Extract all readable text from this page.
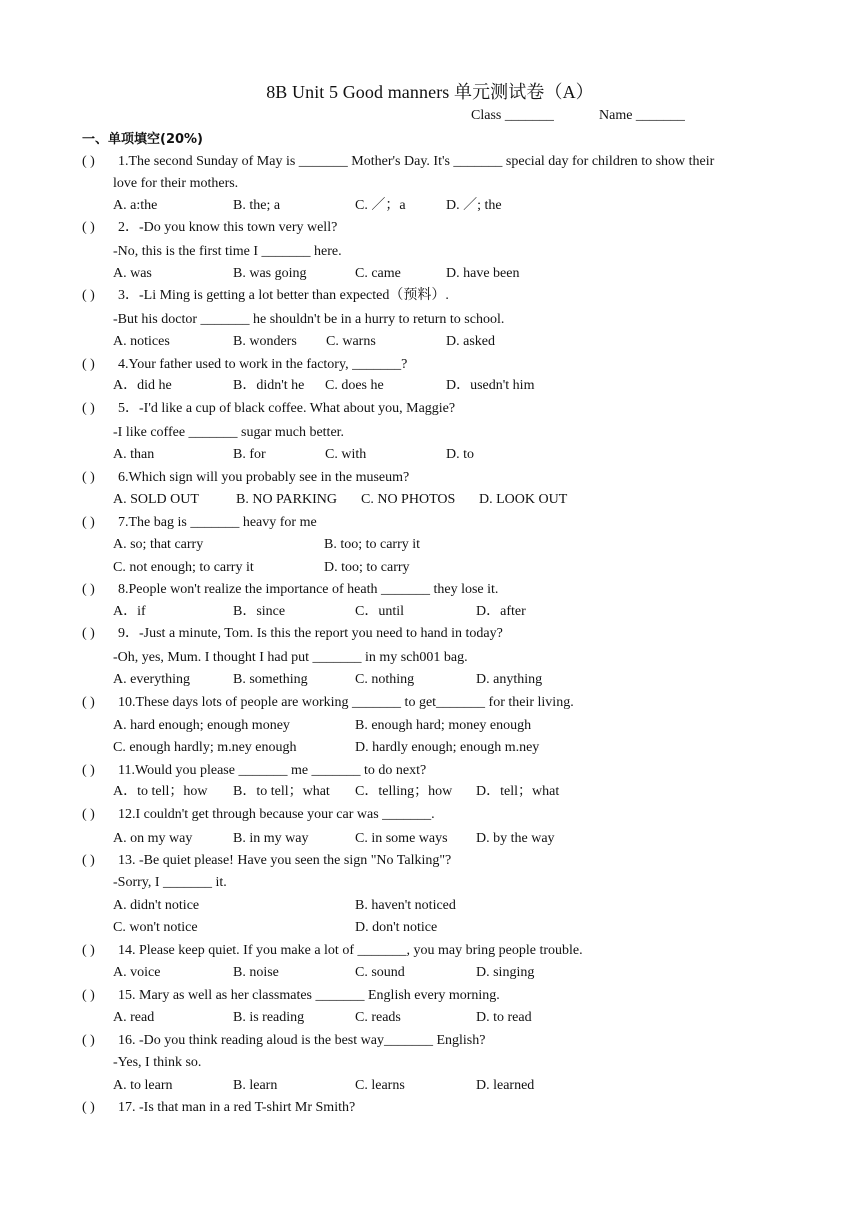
8B Unit 5 Good manners 单元测试卷（A）
Class _______	Name _______
一、单项填空(20%)
( ) 1.The second Sunday of May is _______ Mother's Day. It's _______ special day for children to show their
love for their mothers.
A. a:the	B. the; a	C. ／；a	D. ／; the
( ) 2．-Do you know this town very well?
-No, this is the first time I _______ here.
A. was	B. was going	C. came	D. have been
( ) 3．-Li Ming is getting a lot better than expected（预料）.
-But his doctor _______ he shouldn't be in a hurry to return to school.
A. notices	B. wonders C. warns	D. asked
( ) 4.Your father used to work in the factory, _______?
A．did he	B．didn't he C. does he	D．usedn't him
( ) 5．-I'd like a cup of black coffee. What about you, Maggie?
-I like coffee _______ sugar much better.
A. than	B. for	C. with	D. to
( ) 6.Which sign will you probably see in the museum?
A. SOLD OUT	B. NO PARKING C. NO PHOTOS D. LOOK OUT
( ) 7.The bag is _______ heavy for me
A. so; that carry	B. too; to carry it
C. not enough; to carry it	D. too; to carry
( ) 8.People won't realize the importance of heath _______ they lose it.
A．if	B．since	C．until	D．after
( ) 9．-Just a minute, Tom. Is this the report you need to hand in today?
-Oh, yes, Mum. I thought I had put _______ in my sch001 bag.
A. everything	B. something	C. nothing	D. anything
( ) 10.These days lots of people are working _______ to get_______ for their living.
A. hard enough; enough money	B. enough hard; money enough
C. enough hardly; m.ney enough	D. hardly enough; enough m.ney
( ) 11.Would you please _______ me _______ to do next?
A．to tell；how B．to tell；what C．telling；how D．tell；what
( ) 12.I couldn't get through because your car was _______.
A. on my way	B. in my way	C. in some ways D. by the way
( ) 13. -Be quiet please! Have you seen the sign "No Talking"?
-Sorry, I _______ it.
A. didn't notice	B. haven't noticed
C. won't notice	D. don't notice
( ) 14. Please keep quiet. If you make a lot of _______, you may bring people trouble.
A. voice	B. noise	C. sound	D. singing
( ) 15. Mary as well as her classmates _______ English every morning.
A. read	B. is reading	C. reads	D. to read
( ) 16. -Do you think reading aloud is the best way_______ English?
-Yes, I think so.
A. to learn	B. learn	C. learns	D. learned
( ) 17. -Is that man in a red T-shirt Mr Smith?
